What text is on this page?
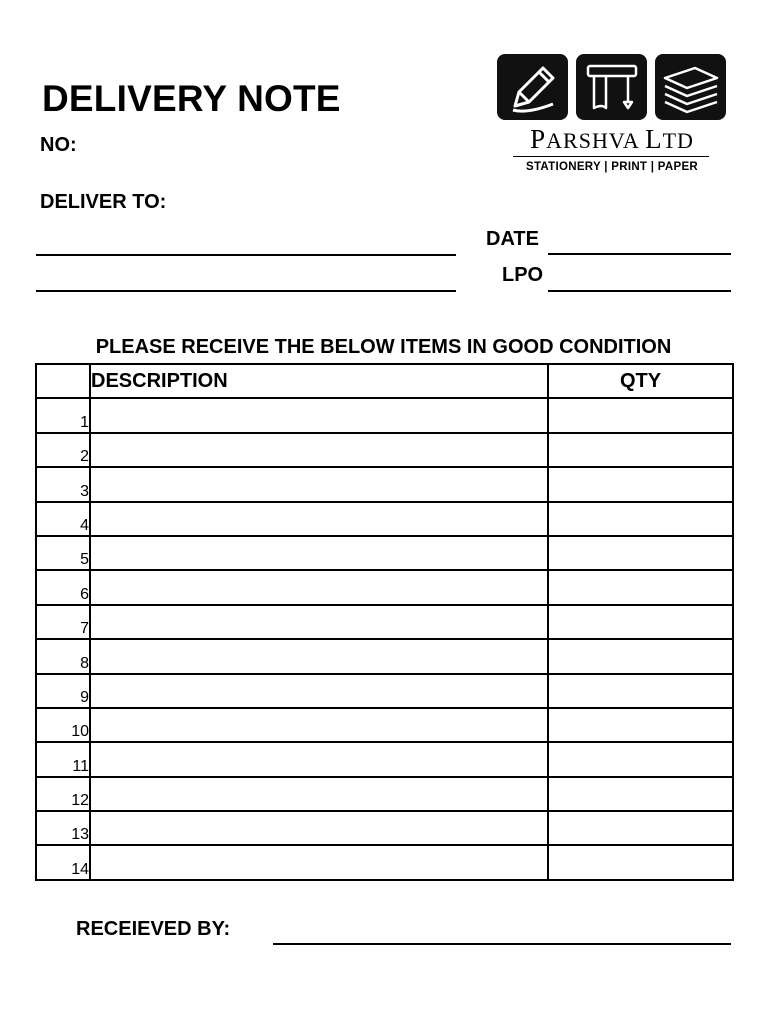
DELIVERY NOTE
NO:	PARSHVA LTD
STATIONERY | PRINT | PAPER
DELIVER TO:
DATE
LPO
PLEASE RECEIVE THE BELOW ITEMS IN GOOD CONDITION
	DESCRIPTION	QTY
1		
2		
3		
4		
5		
6		
7		
8		
9		
10		
11		
12		
13		
14		
RECEIEVED BY:
